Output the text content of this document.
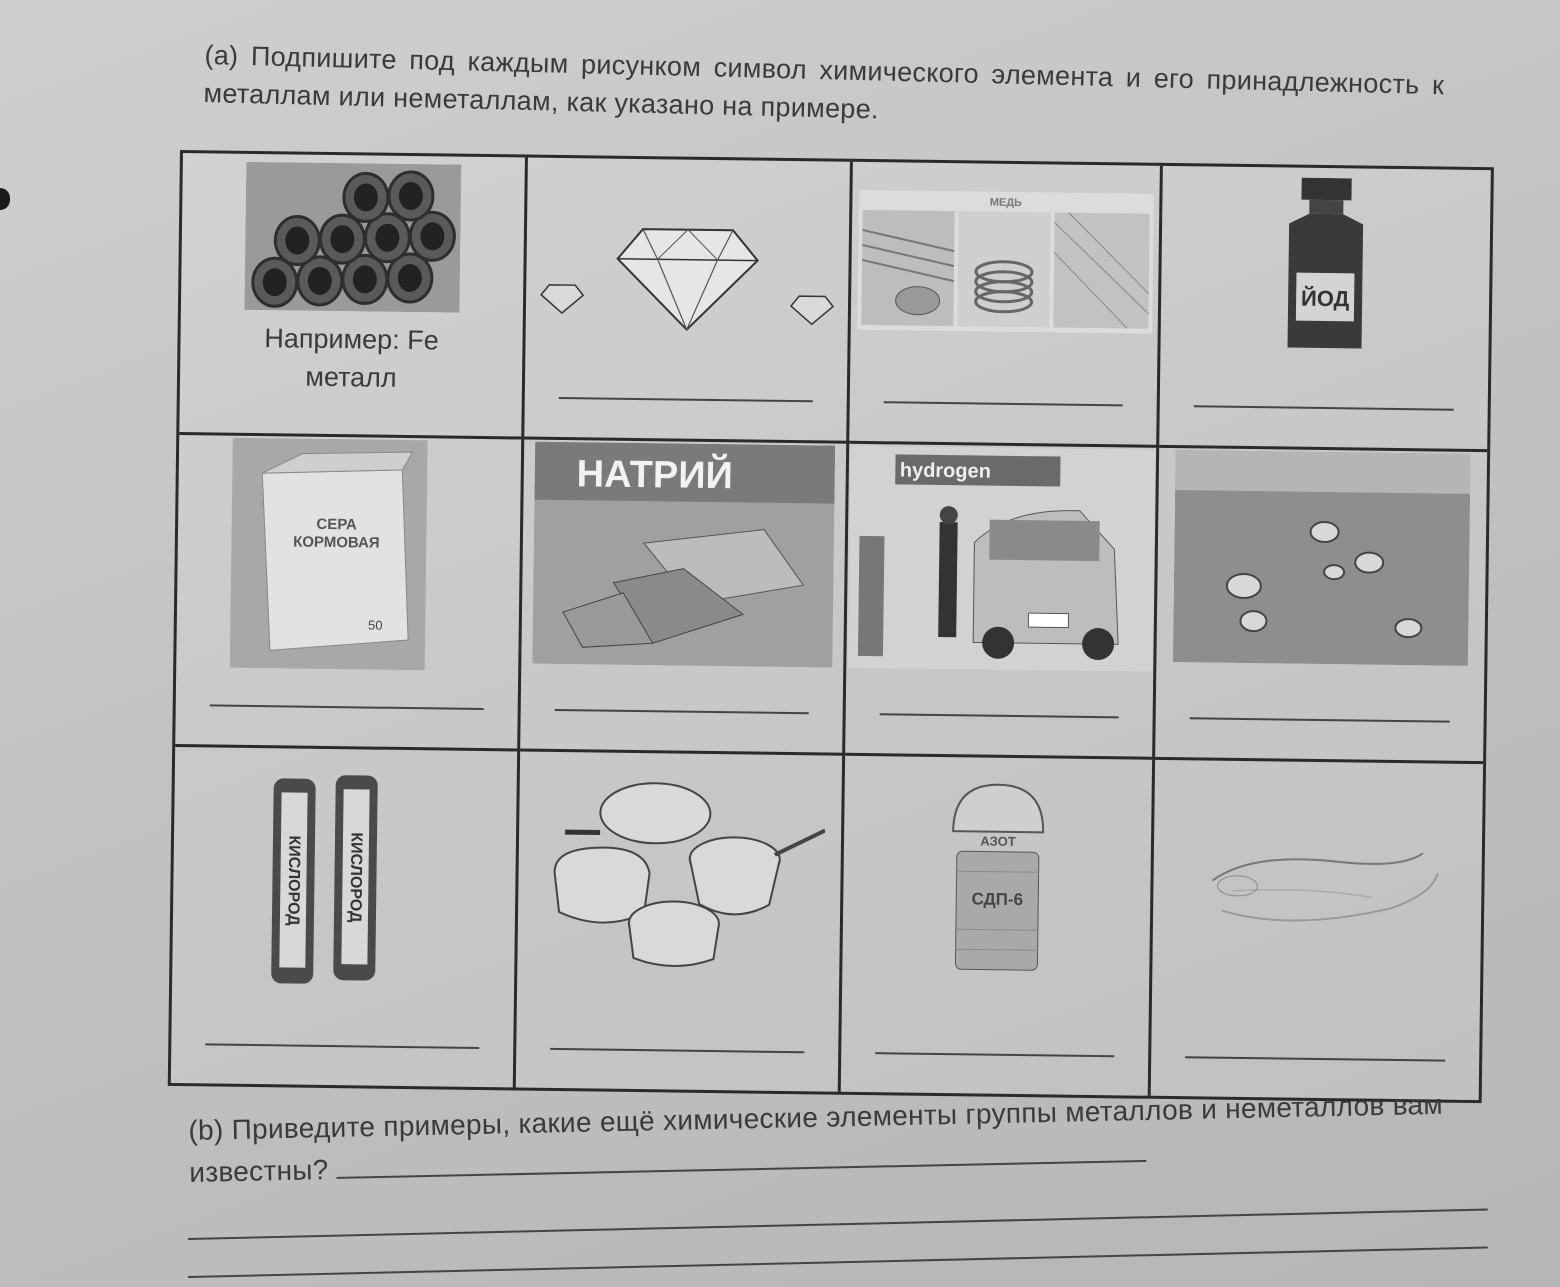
(a) Подпишите под каждым рисунком символ химического элемента и его принадлежность к металлам или неметаллам, как указано на примере.
Например: Fe
металл
МЕДЬ
ЙОД
СЕРА
КОРМОВАЯ
50
НАТРИЙ	hydrogen
КИСЛОРОД	КИСЛОРОД	АЗОТ
СДП-6
(b) Приведите примеры, какие ещё химические элементы группы металлов и неметаллов вам известны?
